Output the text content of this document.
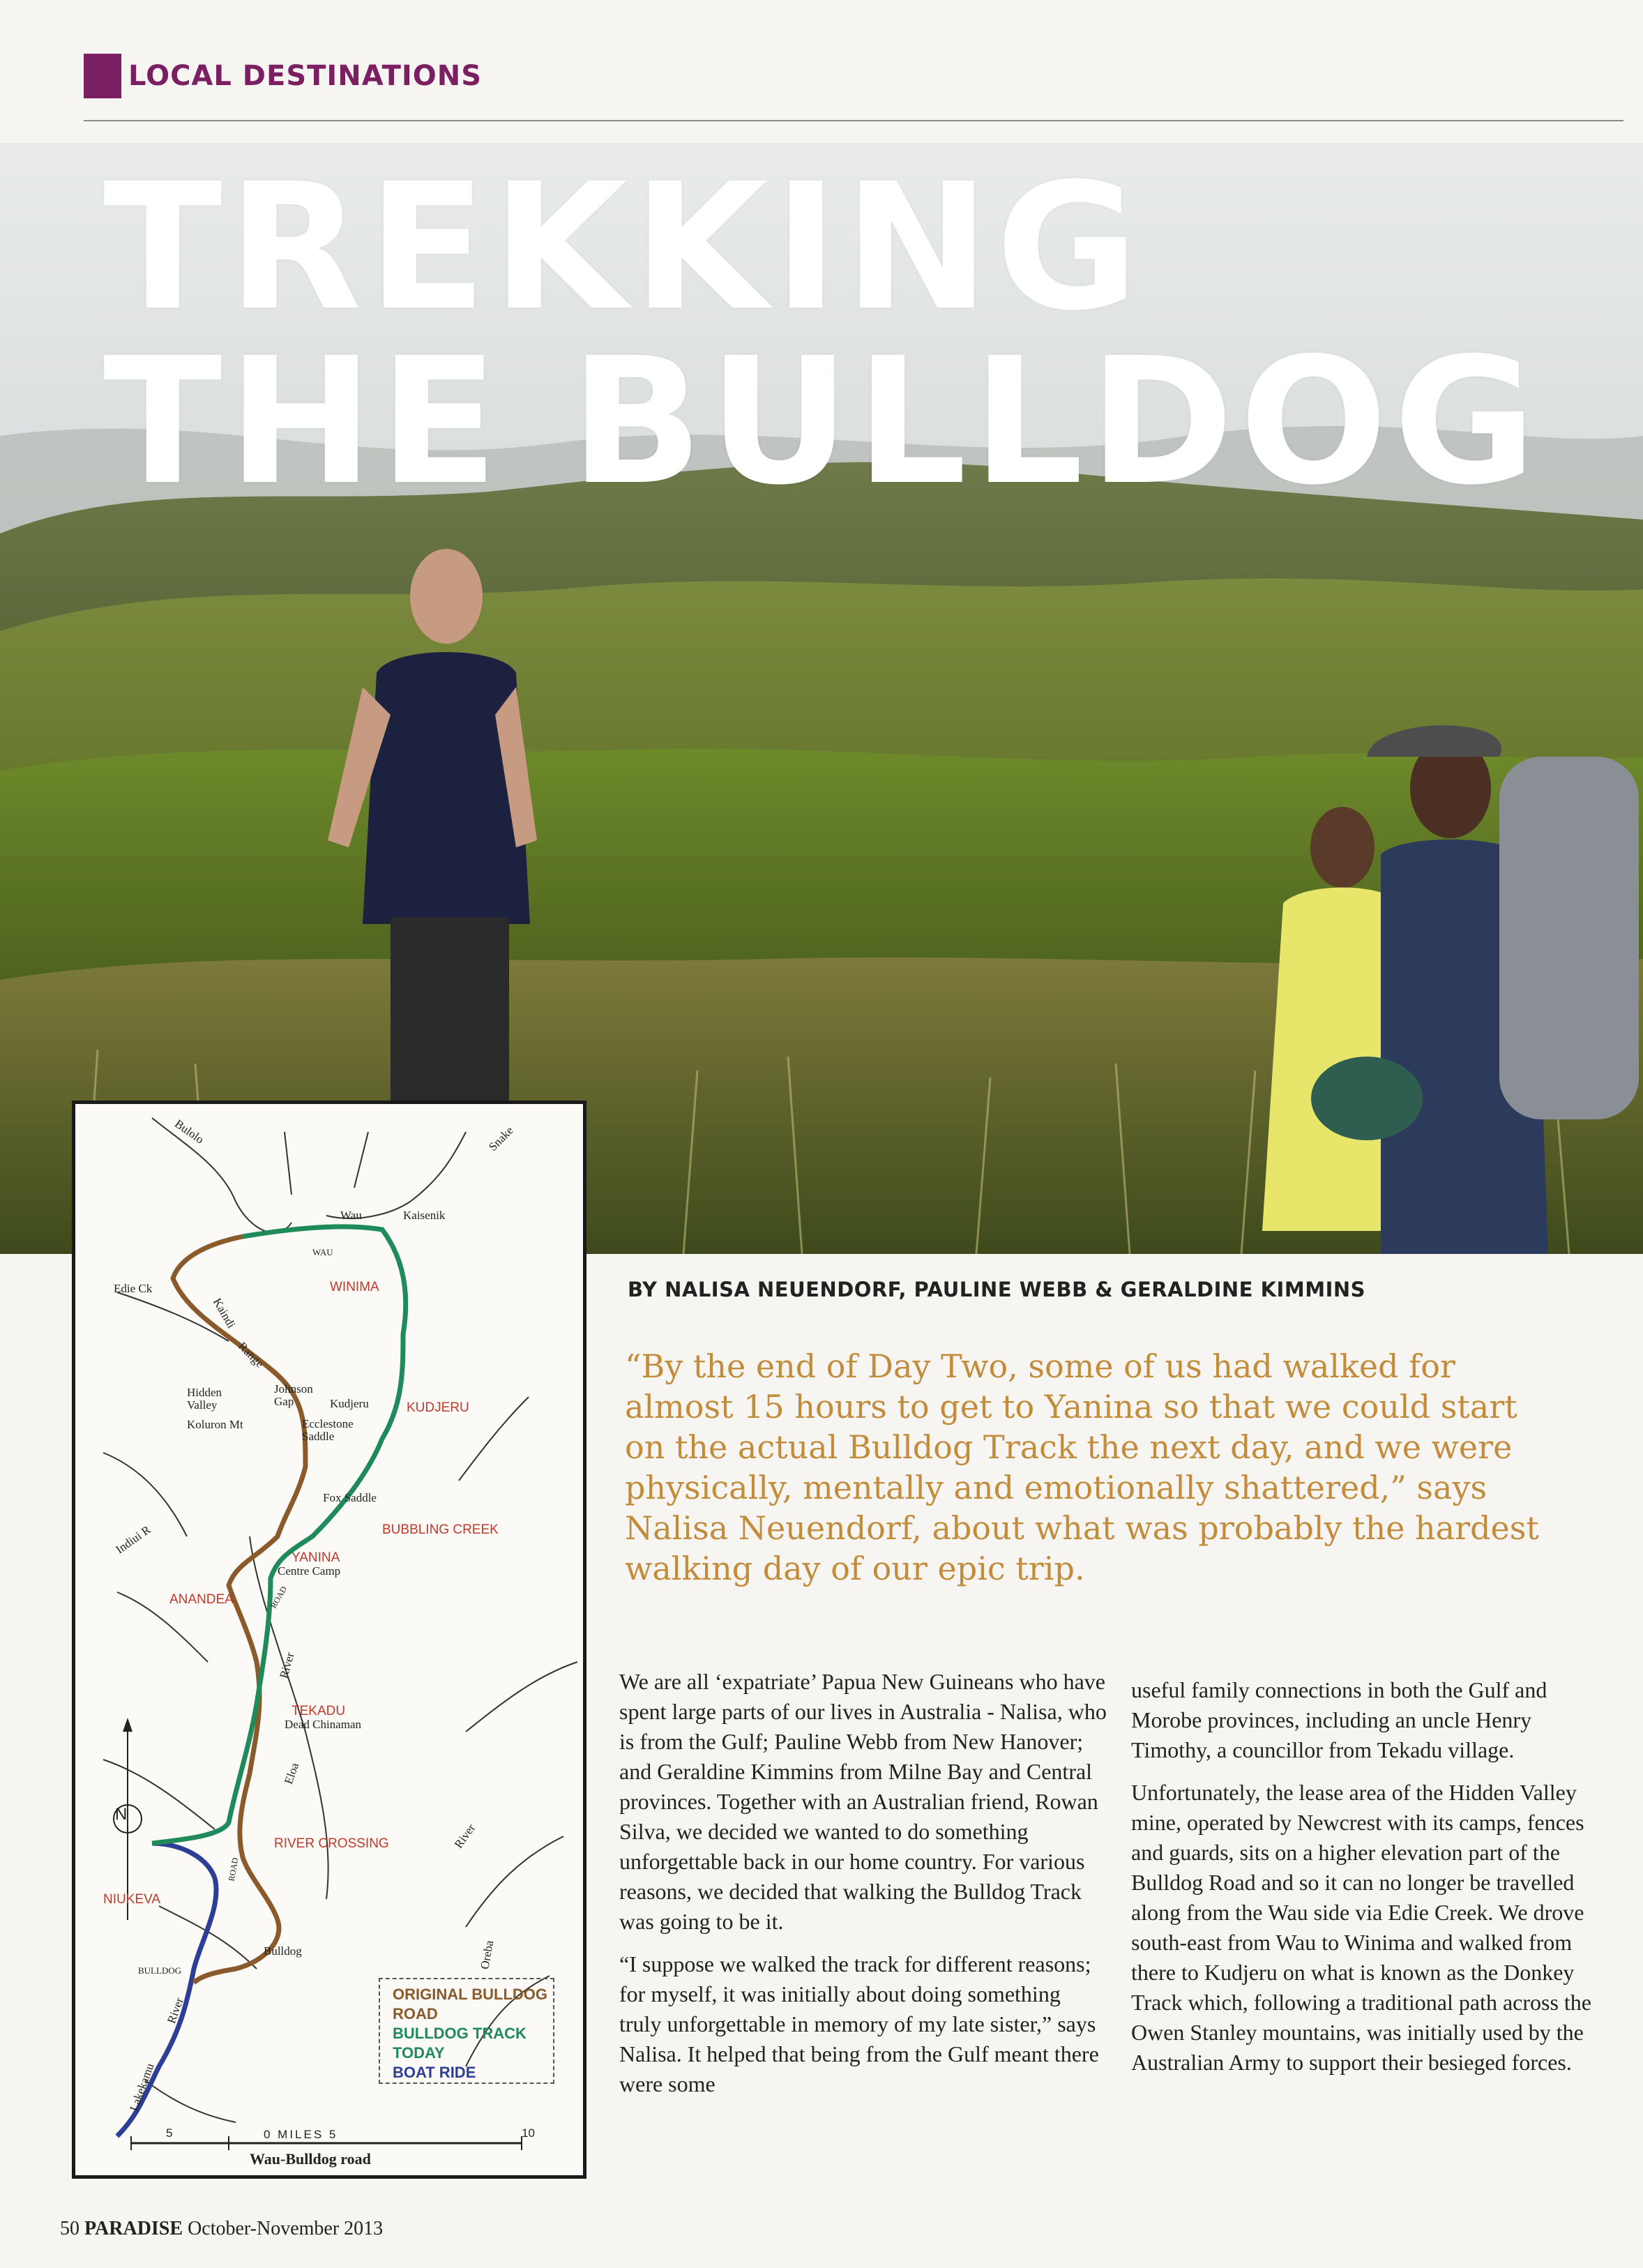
LOCAL DESTINATIONS
TREKKING
THE BULLDOG
Bulolo	Snake
Wau	Kaisenik
WAU
Edie Ck
Kaindi
Range
Hidden Valley
Koluron Mt
Johnson Gap	Kudjeru
Ecclestone Saddle
Fox Saddle
Indiui R
Centre Camp
ROAD
Dead Chinaman
Eloa
River
River
Oreba
Bulldog
BULLDOG
ROAD
River
Lakekamu
N
WINIMA
KUDJERU
BUBBLING CREEK
YANINA
ANANDEA
TEKADU
RIVER CROSSING
NIUKEVA
ORIGINAL BULLDOG
ROAD
BULLDOG TRACK
TODAY
BOAT RIDE
5	0 MILES 5	10
Wau-Bulldog road
BY NALISA NEUENDORF, PAULINE WEBB & GERALDINE KIMMINS
“By the end of Day Two, some of us had walked for almost 15 hours to get to Yanina so that we could start on the actual Bulldog Track the next day, and we were physically, mentally and emotionally shattered,” says Nalisa Neuendorf, about what was probably the hardest walking day of our epic trip.

We are all ‘expatriate’ Papua New Guineans who have spent large parts of our lives in Australia - Nalisa, who is from the Gulf; Pauline Webb from New Hanover; and Geraldine Kimmins from Milne Bay and Central provinces. Together with an Australian friend, Rowan Silva, we decided we wanted to do something unforgettable back in our home country. For various reasons, we decided that walking the Bulldog Track was going to be it.

“I suppose we walked the track for different reasons; for myself, it was initially about doing something truly unforgettable in memory of my late sister,” says Nalisa. It helped that being from the Gulf meant there were some

useful family connections in both the Gulf and Morobe provinces, including an uncle Henry Timothy, a councillor from Tekadu village.

Unfortunately, the lease area of the Hidden Valley mine, operated by Newcrest with its camps, fences and guards, sits on a higher elevation part of the Bulldog Road and so it can no longer be travelled along from the Wau side via Edie Creek. We drove south-east from Wau to Winima and walked from there to Kudjeru on what is known as the Donkey Track which, following a traditional path across the Owen Stanley mountains, was initially used by the Australian Army to support their besieged forces.

50 PARADISE October-November 2013
